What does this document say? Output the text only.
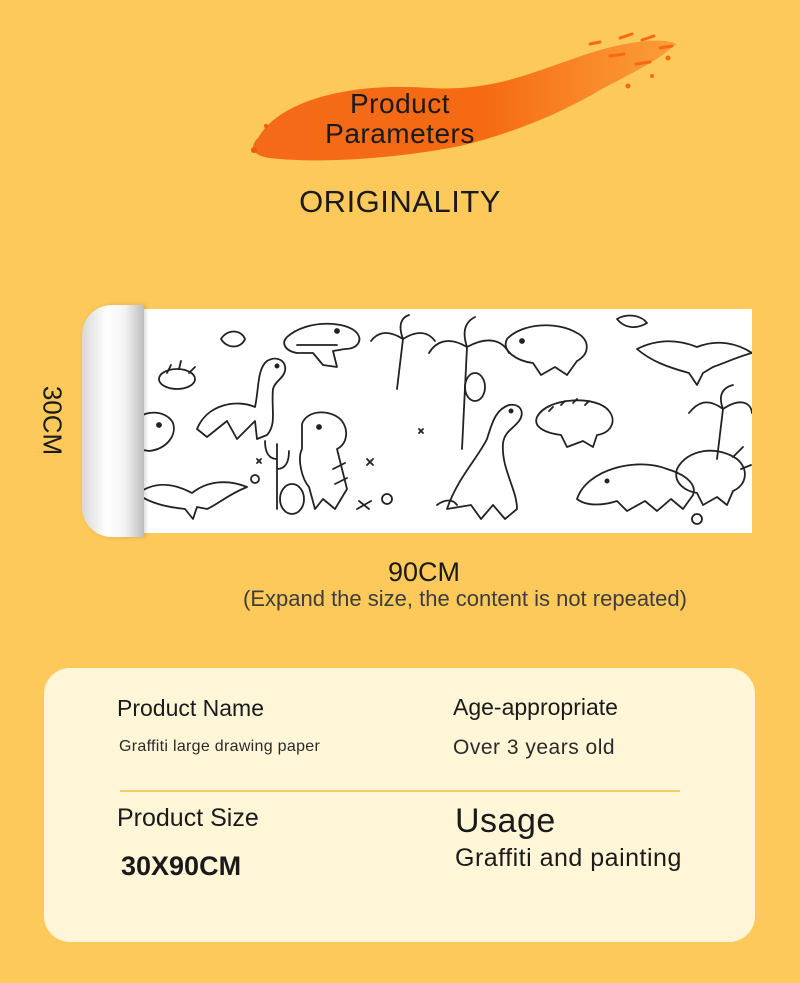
Product
Parameters
ORIGINALITY
30CM
90CM
(Expand the size, the content is not repeated)
Product Name
Graffiti large drawing paper
Age-appropriate
Over 3 years old
Product Size
30X90CM
Usage
Graffiti and painting
